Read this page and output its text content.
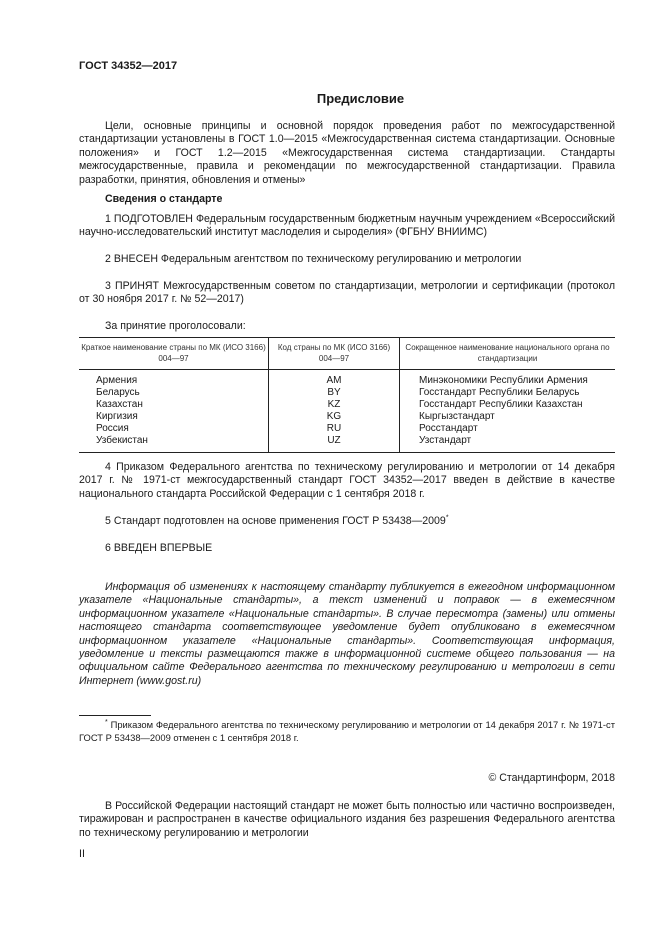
ГОСТ 34352—2017
Предисловие
Цели, основные принципы и основной порядок проведения работ по межгосударственной стандартизации установлены в ГОСТ 1.0—2015 «Межгосударственная система стандартизации. Основные положения» и ГОСТ 1.2—2015 «Межгосударственная система стандартизации. Стандарты межгосударственные, правила и рекомендации по межгосударственной стандартизации. Правила разработки, принятия, обновления и отмены»
Сведения о стандарте
1 ПОДГОТОВЛЕН Федеральным государственным бюджетным научным учреждением «Всероссийский научно-исследовательский институт маслоделия и сыроделия» (ФГБНУ ВНИИМС)
2 ВНЕСЕН Федеральным агентством по техническому регулированию и метрологии
3 ПРИНЯТ Межгосударственным советом по стандартизации, метрологии и сертификации (протокол от 30 ноября 2017 г. № 52—2017)
За принятие проголосовали:
Краткое наименование страны по МК (ИСО 3166) 004—97	Код страны по МК (ИСО 3166) 004—97	Сокращенное наименование национального органа по стандартизации
Армения	AM	Минэкономики Республики Армения
Беларусь	BY	Госстандарт Республики Беларусь
Казахстан	KZ	Госстандарт Республики Казахстан
Киргизия	KG	Кыргызстандарт
Россия	RU	Росстандарт
Узбекистан	UZ	Узстандарт
4 Приказом Федерального агентства по техническому регулированию и метрологии от 14 декабря 2017 г. № 1971-ст межгосударственный стандарт ГОСТ 34352—2017 введен в действие в качестве национального стандарта Российской Федерации с 1 сентября 2018 г.
5 Стандарт подготовлен на основе применения ГОСТ Р 53438—2009*
6 ВВЕДЕН ВПЕРВЫЕ
Информация об изменениях к настоящему стандарту публикуется в ежегодном информационном указателе «Национальные стандарты», а текст изменений и поправок — в ежемесячном информационном указателе «Национальные стандарты». В случае пересмотра (замены) или отмены настоящего стандарта соответствующее уведомление будет опубликовано в ежемесячном информационном указателе «Национальные стандарты». Соответствующая информация, уведомление и тексты размещаются также в информационной системе общего пользования — на официальном сайте Федерального агентства по техническому регулированию и метрологии в сети Интернет (www.gost.ru)
* Приказом Федерального агентства по техническому регулированию и метрологии от 14 декабря 2017 г. № 1971-ст ГОСТ Р 53438—2009 отменен с 1 сентября 2018 г.
© Стандартинформ, 2018
В Российской Федерации настоящий стандарт не может быть полностью или частично воспроизведен, тиражирован и распространен в качестве официального издания без разрешения Федерального агентства по техническому регулированию и метрологии
II
